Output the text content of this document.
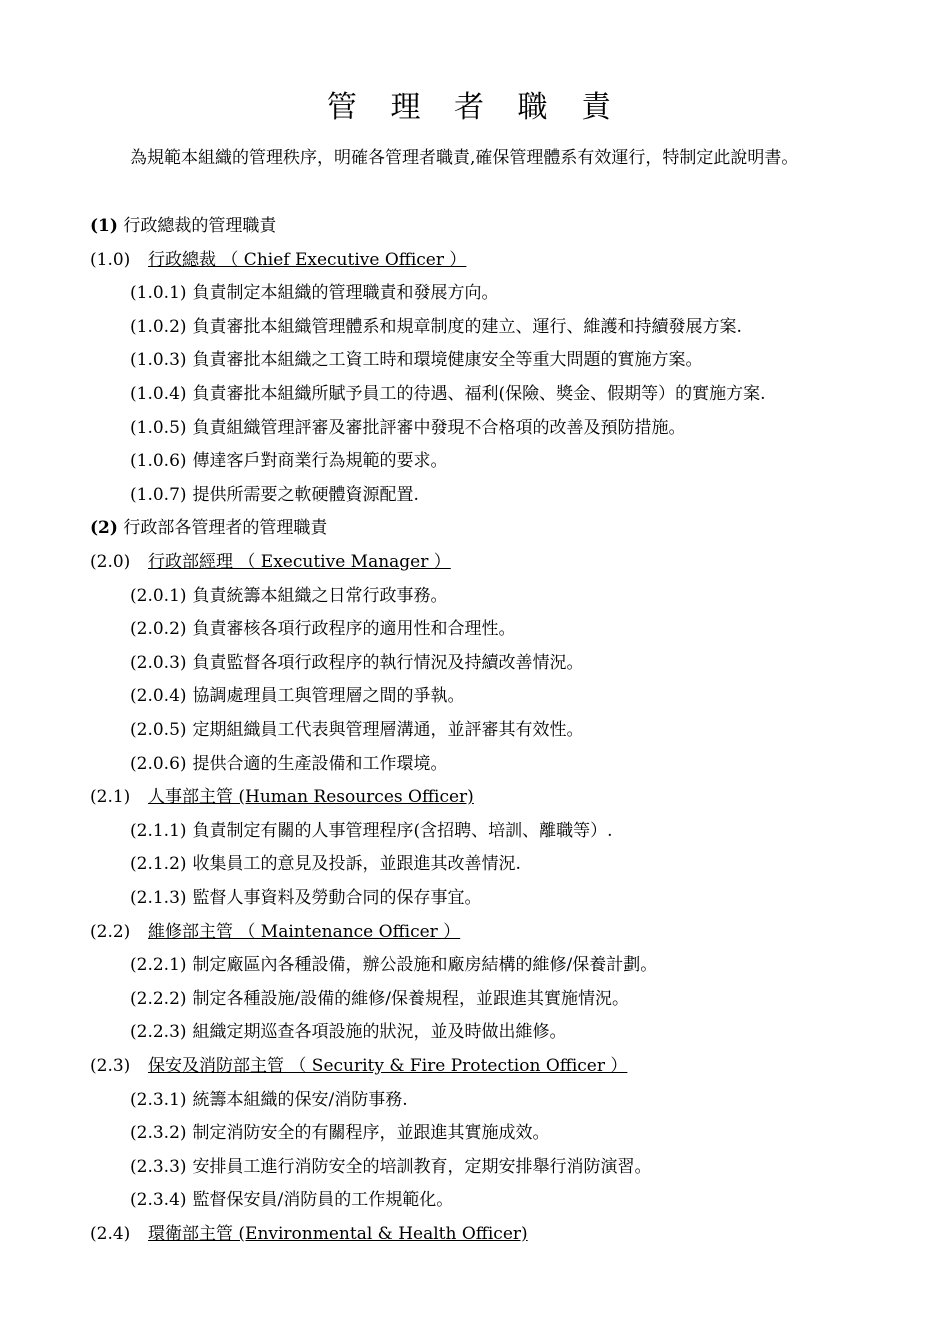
管 理 者 職 責
為規範本組織的管理秩序，明確各管理者職責,確保管理體系有效運行，特制定此說明書。
(1) 行政總裁的管理職責
(1.0) 行政總裁 （ Chief Executive Officer ）
(1.0.1) 負責制定本組織的管理職責和發展方向。
(1.0.2) 負責審批本組織管理體系和規章制度的建立、運行、維護和持續發展方案.
(1.0.3) 負責審批本組織之工資工時和環境健康安全等重大問題的實施方案。
(1.0.4) 負責審批本組織所賦予員工的待遇、福利(保險、獎金、假期等）的實施方案.
(1.0.5) 負責組織管理評審及審批評審中發現不合格項的改善及預防措施。
(1.0.6) 傳達客戶對商業行為規範的要求。
(1.0.7) 提供所需要之軟硬體資源配置.
(2) 行政部各管理者的管理職責
(2.0) 行政部經理 （ Executive Manager ）
(2.0.1) 負責統籌本組織之日常行政事務。
(2.0.2) 負責審核各項行政程序的適用性和合理性。
(2.0.3) 負責監督各項行政程序的執行情況及持續改善情況。
(2.0.4) 協調處理員工與管理層之間的爭執。
(2.0.5) 定期組織員工代表與管理層溝通，並評審其有效性。
(2.0.6) 提供合適的生產設備和工作環境。
(2.1) 人事部主管 (Human Resources Officer)
(2.1.1) 負責制定有關的人事管理程序(含招聘、培訓、離職等）.
(2.1.2) 收集員工的意見及投訴，並跟進其改善情況.
(2.1.3) 監督人事資料及勞動合同的保存事宜。
(2.2) 維修部主管 （ Maintenance Officer ）
(2.2.1) 制定廠區內各種設備，辦公設施和廠房結構的維修/保養計劃。
(2.2.2) 制定各種設施/設備的維修/保養規程，並跟進其實施情況。
(2.2.3) 組織定期巡查各項設施的狀況，並及時做出維修。
(2.3) 保安及消防部主管 （ Security & Fire Protection Officer ）
(2.3.1) 統籌本組織的保安/消防事務.
(2.3.2) 制定消防安全的有關程序，並跟進其實施成效。
(2.3.3) 安排員工進行消防安全的培訓教育，定期安排舉行消防演習。
(2.3.4) 監督保安員/消防員的工作規範化。
(2.4) 環衛部主管 (Environmental & Health Officer)
